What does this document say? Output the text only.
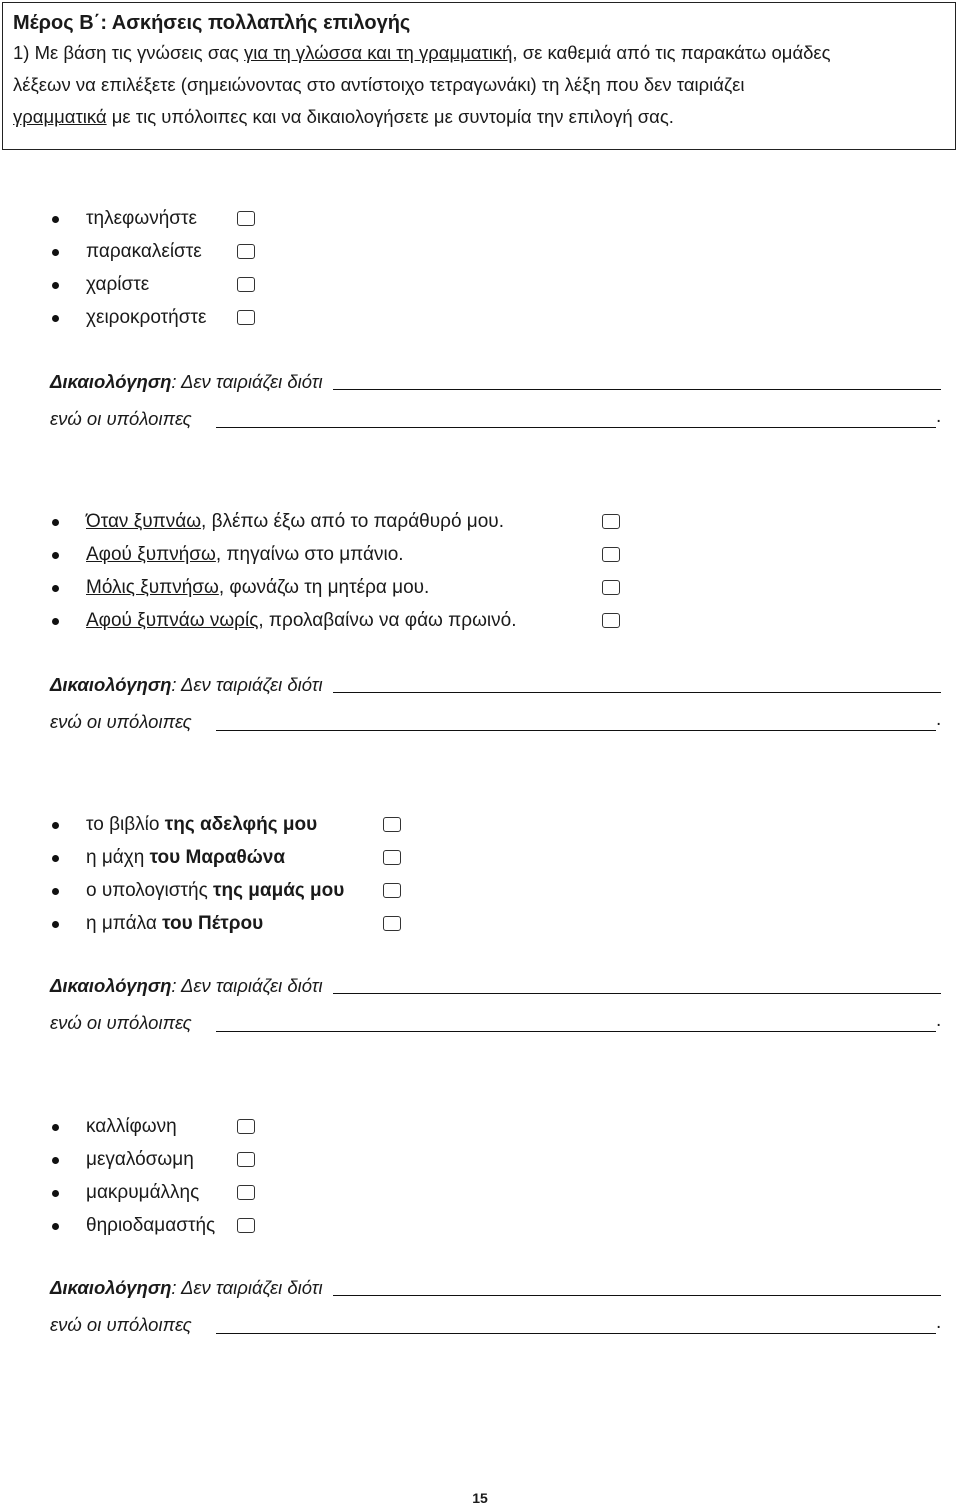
Μέρος Β΄: Ασκήσεις πολλαπλής επιλογής

1) Με βάση τις γνώσεις σας για τη γλώσσα και τη γραμματική, σε καθεμιά από τις παρακάτω ομάδες

λέξεων να επιλέξετε (σημειώνοντας στο αντίστοιχο τετραγωνάκι) τη λέξη που δεν ταιριάζει

γραμματικά με τις υπόλοιπες και να δικαιολογήσετε με συντομία την επιλογή σας.

τηλεφωνήστε
παρακαλείστε
χαρίστε
χειροκροτήστε
Δικαιολόγηση: Δεν ταιριάζει διότι
ενώ οι υπόλοιπες	.
Όταν ξυπνάω, βλέπω έξω από το παράθυρό μου.
Αφού ξυπνήσω, πηγαίνω στο μπάνιο.
Μόλις ξυπνήσω, φωνάζω τη μητέρα μου.
Αφού ξυπνάω νωρίς, προλαβαίνω να φάω πρωινό.
Δικαιολόγηση: Δεν ταιριάζει διότι
ενώ οι υπόλοιπες	.
το βιβλίο της αδελφής μου
η μάχη του Μαραθώνα
ο υπολογιστής της μαμάς μου
η μπάλα του Πέτρου
Δικαιολόγηση: Δεν ταιριάζει διότι
ενώ οι υπόλοιπες	.
καλλίφωνη
μεγαλόσωμη
μακρυμάλλης
θηριοδαμαστής
Δικαιολόγηση: Δεν ταιριάζει διότι
ενώ οι υπόλοιπες	.
15
